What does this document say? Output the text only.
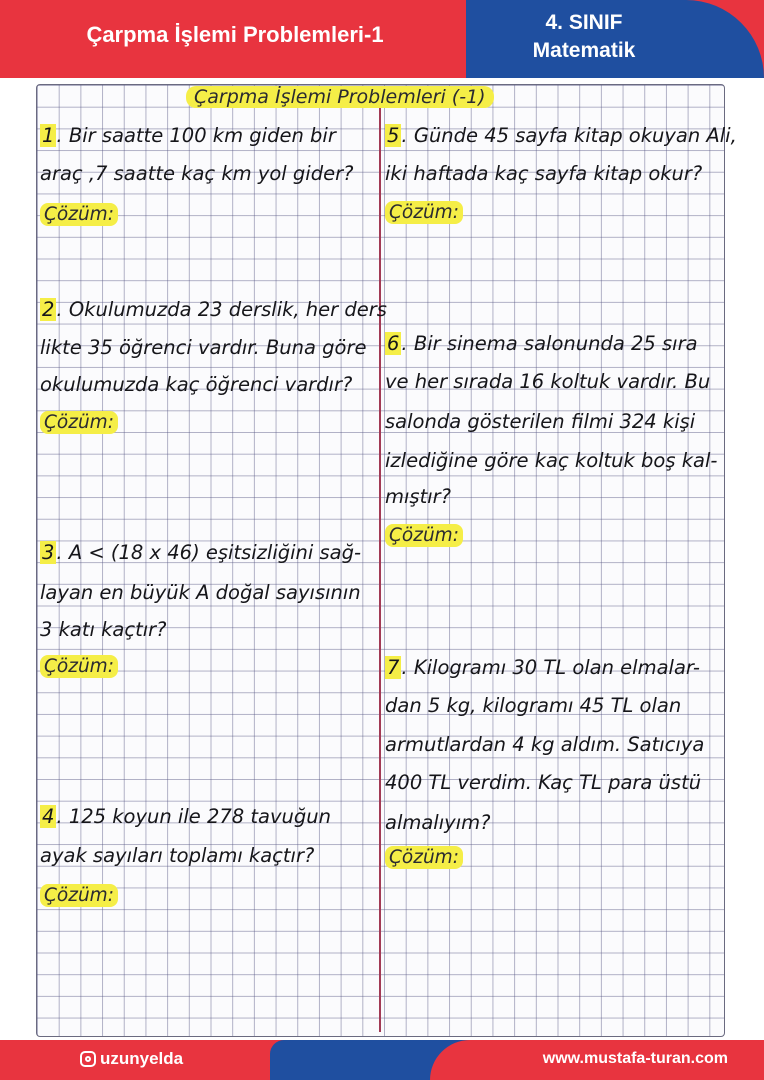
Çarpma İşlemi Problemleri-1	4. SINIF
Matematik
Çarpma İşlemi Problemleri (-1)
1 . Bir saatte 100 km giden bir
araç ,7 saatte kaç km yol gider?
Çözüm:
2 . Okulumuzda 23 derslik, her ders
likte 35 öğrenci vardır. Buna göre
okulumuzda kaç öğrenci vardır?
Çözüm:
3 . A < (18 x 46) eşitsizliğini sağ-
layan en büyük A doğal sayısının
3 katı kaçtır?
Çözüm:
4 . 125 koyun ile 278 tavuğun
ayak sayıları toplamı kaçtır?
Çözüm:
5 . Günde 45 sayfa kitap okuyan Ali,
iki haftada kaç sayfa kitap okur?
Çözüm:
6 . Bir sinema salonunda 25 sıra
ve her sırada 16 koltuk vardır. Bu
salonda gösterilen filmi 324 kişi
izlediğine göre kaç koltuk boş kal-
mıştır?
Çözüm:
7 . Kilogramı 30 TL olan elmalar-
dan 5 kg, kilogramı 45 TL olan
armutlardan 4 kg aldım. Satıcıya
400 TL verdim. Kaç TL para üstü
almalıyım?
Çözüm:
uzunyelda	www.mustafa-turan.com
